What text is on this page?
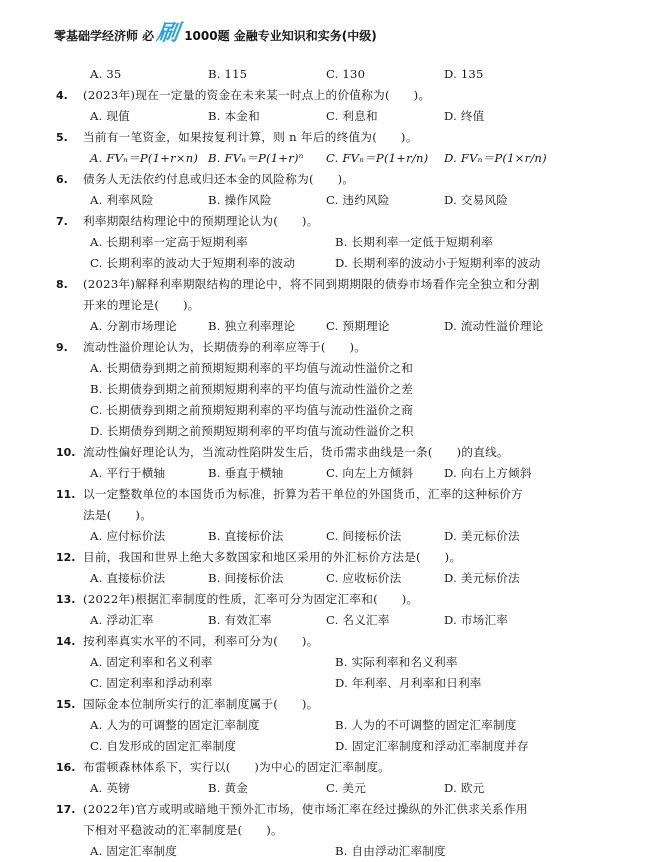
零基础学经济师 必 刷 1000题 金融专业知识和实务(中级)
A. 35	B. 115	C. 130	D. 135
4. (2023年)现在一定量的资金在未来某一时点上的价值称为(　　)。
A. 现值	B. 本金和	C. 利息和	D. 终值
5. 当前有一笔资金，如果按复利计算，则 n 年后的终值为(　　)。
A. FVₙ＝P(1+r×n) B. FVₙ＝P(1+r)ⁿ	C. FVₙ＝P(1+r/n)	D. FVₙ＝P(1×r/n)
6. 债务人无法依约付息或归还本金的风险称为(　　)。
A. 利率风险	B. 操作风险	C. 违约风险	D. 交易风险
7. 利率期限结构理论中的预期理论认为(　　)。
A. 长期利率一定高于短期利率	B. 长期利率一定低于短期利率
C. 长期利率的波动大于短期利率的波动	D. 长期利率的波动小于短期利率的波动
8. (2023年)解释利率期限结构的理论中，将不同到期期限的债券市场看作完全独立和分割
开来的理论是(　　)。
A. 分割市场理论	B. 独立利率理论	C. 预期理论	D. 流动性溢价理论
9. 流动性溢价理论认为，长期债券的利率应等于(　　)。
A. 长期债券到期之前预期短期利率的平均值与流动性溢价之和
B. 长期债券到期之前预期短期利率的平均值与流动性溢价之差
C. 长期债券到期之前预期短期利率的平均值与流动性溢价之商
D. 长期债券到期之前预期短期利率的平均值与流动性溢价之积
10. 流动性偏好理论认为，当流动性陷阱发生后，货币需求曲线是一条(　　)的直线。
A. 平行于横轴	B. 垂直于横轴	C. 向左上方倾斜	D. 向右上方倾斜
11. 以一定整数单位的本国货币为标准，折算为若干单位的外国货币，汇率的这种标价方
法是(　　)。
A. 应付标价法	B. 直接标价法	C. 间接标价法	D. 美元标价法
12. 目前，我国和世界上绝大多数国家和地区采用的外汇标价方法是(　　)。
A. 直接标价法	B. 间接标价法	C. 应收标价法	D. 美元标价法
13. (2022年)根据汇率制度的性质，汇率可分为固定汇率和(　　)。
A. 浮动汇率	B. 有效汇率	C. 名义汇率	D. 市场汇率
14. 按利率真实水平的不同，利率可分为(　　)。
A. 固定利率和名义利率	B. 实际利率和名义利率
C. 固定利率和浮动利率	D. 年利率、月利率和日利率
15. 国际金本位制所实行的汇率制度属于(　　)。
A. 人为的可调整的固定汇率制度	B. 人为的不可调整的固定汇率制度
C. 自发形成的固定汇率制度	D. 固定汇率制度和浮动汇率制度并存
16. 布雷顿森林体系下，实行以(　　)为中心的固定汇率制度。
A. 英镑	B. 黄金	C. 美元	D. 欧元
17. (2022年)官方或明或暗地干预外汇市场，使市场汇率在经过操纵的外汇供求关系作用
下相对平稳波动的汇率制度是(　　)。
A. 固定汇率制度	B. 自由浮动汇率制度
